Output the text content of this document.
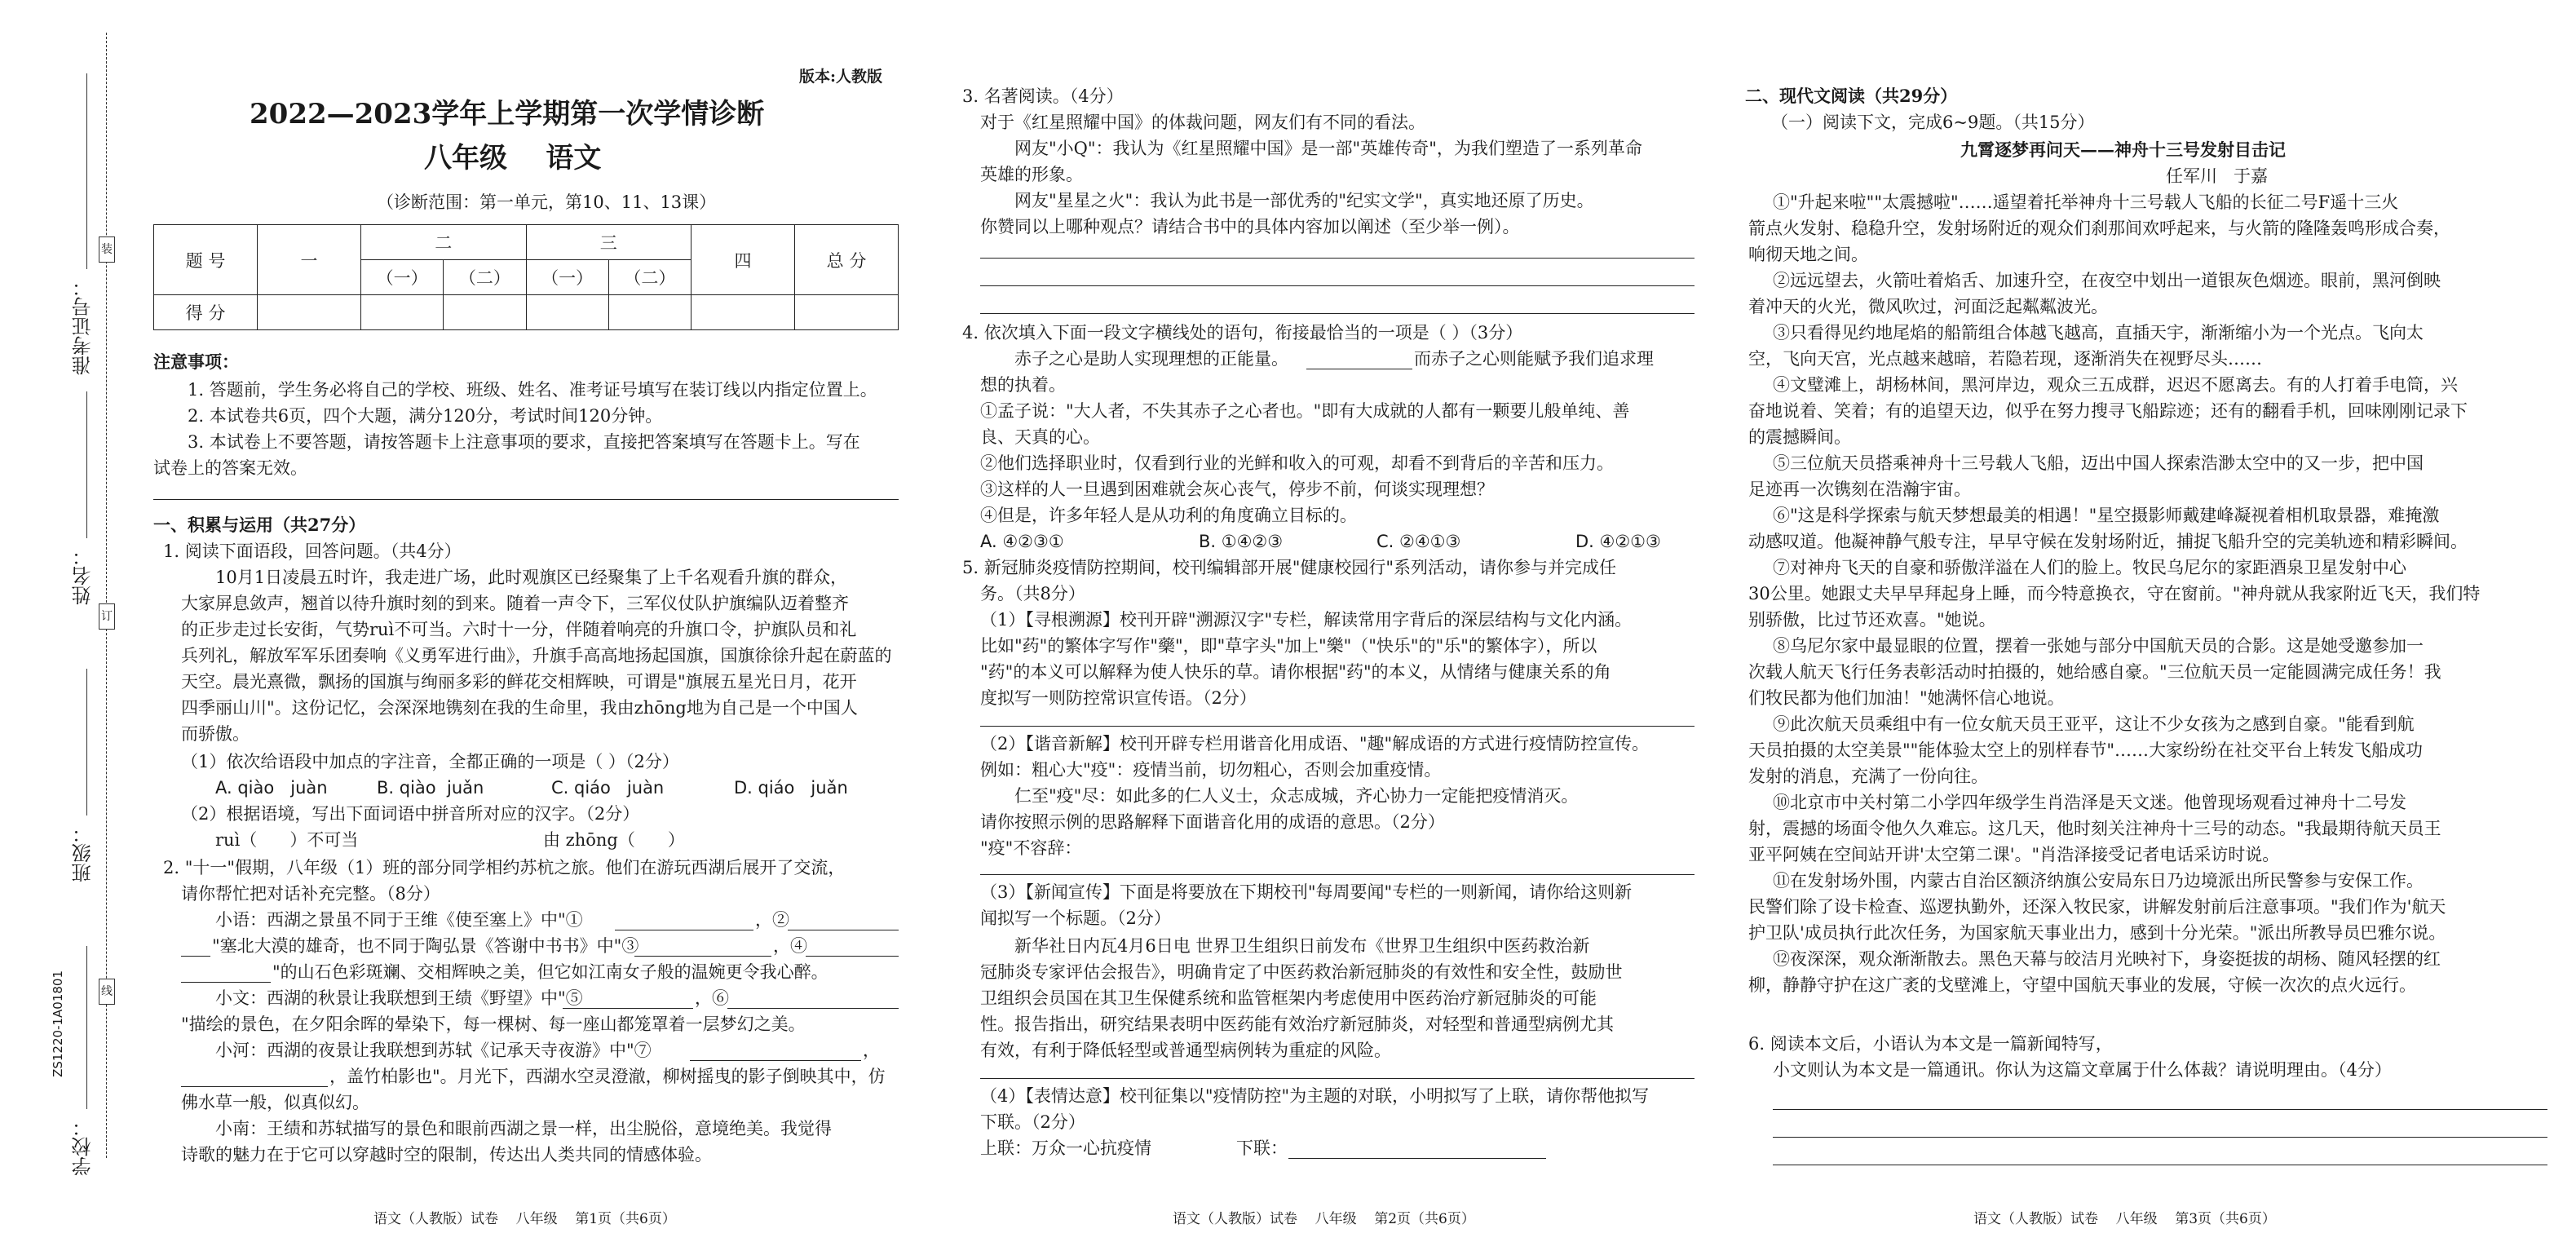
装
订
线
准考证号：
姓名：
班级：
学校：
ZS1220-1A01801
版本:人教版
2022—2023学年上学期第一次学情诊断
八年级    语文
（诊断范围：第一单元，第10、11、13课）
题 号	一	二		三		四	总 分
		（一）	（二）	（一）	（二）		
得 分							
注意事项：
1. 答题前，学生务必将自己的学校、班级、姓名、准考证号填写在装订线以内指定位置上。
2. 本试卷共6页，四个大题，满分120分，考试时间120分钟。
3. 本试卷上不要答题，请按答题卡上注意事项的要求，直接把答案填写在答题卡上。写在
试卷上的答案无效。
一、积累与运用（共27分）
1. 阅读下面语段，回答问题。（共4分）
10月1日凌晨五时许，我走进广场，此时观旗区已经聚集了上千名观看升旗的群众，
大家屏息敛声，翘首以待升旗时刻的到来。随着一声令下，三军仪仗队护旗编队迈着整齐
的正步走过长安街，气势ruì不可当。六时十一分，伴随着响亮的升旗口令，护旗队员和礼
兵列礼，解放军军乐团奏响《义勇军进行曲》，升旗手高高地扬起国旗，国旗徐徐升起在蔚蓝的
天空。晨光熹微，飘扬的国旗与绚丽多彩的鲜花交相辉映，可谓是"旗展五星光日月，花开
四季丽山川"。这份记忆，会深深地镌刻在我的生命里，我由zhōng地为自己是一个中国人
而骄傲。
（1）依次给语段中加点的字注音，全都正确的一项是（ ）（2分）
A. qiào   juàn	B. qiào  juǎn	C. qiáo   juàn	D. qiáo   juǎn
（2）根据语境，写出下面词语中拼音所对应的汉字。（2分）
ruì（      ）不可当	由 zhōng（      ）
2. "十一"假期，八年级（1）班的部分同学相约苏杭之旅。他们在游玩西湖后展开了交流，
请你帮忙把对话补充完整。（8分）
小语：西湖之景虽不同于王维《使至塞上》中"①	，②
"塞北大漠的雄奇，也不同于陶弘景《答谢中书书》中"③	，④
"的山石色彩斑斓、交相辉映之美，但它如江南女子般的温婉更令我心醉。
小文：西湖的秋景让我联想到王绩《野望》中"⑤	，⑥
"描绘的景色，在夕阳余晖的晕染下，每一棵树、每一座山都笼罩着一层梦幻之美。
小河：西湖的夜景让我联想到苏轼《记承天寺夜游》中"⑦	，
，盖竹柏影也"。月光下，西湖水空灵澄澈，柳树摇曳的影子倒映其中，仿
佛水草一般，似真似幻。
小南：王绩和苏轼描写的景色和眼前西湖之景一样，出尘脱俗，意境绝美。我觉得
诗歌的魅力在于它可以穿越时空的限制，传达出人类共同的情感体验。
语文（人教版）试卷    八年级    第1页（共6页）
3. 名著阅读。（4分）
对于《红星照耀中国》的体裁问题，网友们有不同的看法。
网友"小Q"：我认为《红星照耀中国》是一部"英雄传奇"，为我们塑造了一系列革命
英雄的形象。
网友"星星之火"：我认为此书是一部优秀的"纪实文学"，真实地还原了历史。
你赞同以上哪种观点？请结合书中的具体内容加以阐述（至少举一例）。
4. 依次填入下面一段文字横线处的语句，衔接最恰当的一项是（ ）（3分）
赤子之心是助人实现理想的正能量。	而赤子之心则能赋予我们追求理
想的执着。
①孟子说："大人者，不失其赤子之心者也。"即有大成就的人都有一颗要儿般单纯、善
良、天真的心。
②他们选择职业时，仅看到行业的光鲜和收入的可观，却看不到背后的辛苦和压力。
③这样的人一旦遇到困难就会灰心丧气，停步不前，何谈实现理想？
④但是，许多年轻人是从功利的角度确立目标的。
A. ④②③①	B. ①④②③	C. ②④①③	D. ④②①③
5. 新冠肺炎疫情防控期间，校刊编辑部开展"健康校园行"系列活动，请你参与并完成任
务。（共8分）
（1）【寻根溯源】校刊开辟"溯源汉字"专栏，解读常用字背后的深层结构与文化内涵。
比如"药"的繁体字写作"藥"，即"草字头"加上"樂"（"快乐"的"乐"的繁体字），所以
"药"的本义可以解释为使人快乐的草。请你根据"药"的本义，从情绪与健康关系的角
度拟写一则防控常识宣传语。（2分）
（2）【谐音新解】校刊开辟专栏用谐音化用成语、"趣"解成语的方式进行疫情防控宣传。
例如：粗心大"疫"：疫情当前，切勿粗心，否则会加重疫情。
仁至"疫"尽：如此多的仁人义士，众志成城，齐心协力一定能把疫情消灭。
请你按照示例的思路解释下面谐音化用的成语的意思。（2分）
"疫"不容辞：
（3）【新闻宣传】下面是将要放在下期校刊"每周要闻"专栏的一则新闻，请你给这则新
闻拟写一个标题。（2分）
新华社日内瓦4月6日电 世界卫生组织日前发布《世界卫生组织中医药救治新
冠肺炎专家评估会报告》，明确肯定了中医药救治新冠肺炎的有效性和安全性，鼓励世
卫组织会员国在其卫生保健系统和监管框架内考虑使用中医药治疗新冠肺炎的可能
性。报告指出，研究结果表明中医药能有效治疗新冠肺炎，对轻型和普通型病例尤其
有效，有利于降低轻型或普通型病例转为重症的风险。
（4）【表情达意】校刊征集以"疫情防控"为主题的对联，小明拟写了上联，请你帮他拟写
下联。（2分）
上联：万众一心抗疫情	下联：
语文（人教版）试卷    八年级    第2页（共6页）
二、现代文阅读（共29分）
（一）阅读下文，完成6~9题。（共15分）
九霄逐梦再问天——神舟十三号发射目击记
任军川   于嘉
①"升起来啦""太震撼啦"……遥望着托举神舟十三号载人飞船的长征二号F遥十三火
箭点火发射、稳稳升空，发射场附近的观众们刹那间欢呼起来，与火箭的隆隆轰鸣形成合奏，
响彻天地之间。
②远远望去，火箭吐着焰舌、加速升空，在夜空中划出一道银灰色烟迹。眼前，黑河倒映
着冲天的火光，微风吹过，河面泛起粼粼波光。
③只看得见约地尾焰的船箭组合体越飞越高，直插天宇，渐渐缩小为一个光点。飞向太
空，飞向天宫，光点越来越暗，若隐若现，逐渐消失在视野尽头……
④文璧滩上，胡杨林间，黑河岸边，观众三五成群，迟迟不愿离去。有的人打着手电筒，兴
奋地说着、笑着；有的追望天边，似乎在努力搜寻飞船踪迹；还有的翻看手机，回味刚刚记录下
的震撼瞬间。
⑤三位航天员搭乘神舟十三号载人飞船，迈出中国人探索浩渺太空中的又一步，把中国
足迹再一次镌刻在浩瀚宇宙。
⑥"这是科学探索与航天梦想最美的相遇！"星空摄影师戴建峰凝视着相机取景器，难掩激
动感叹道。他凝神静气般专注，早早守候在发射场附近，捕捉飞船升空的完美轨迹和精彩瞬间。
⑦对神舟飞天的自豪和骄傲洋溢在人们的脸上。牧民乌尼尔的家距酒泉卫星发射中心
30公里。她跟丈夫早早拜起身上睡，而今特意换衣，守在窗前。"神舟就从我家附近飞天，我们特
别骄傲，比过节还欢喜。"她说。
⑧乌尼尔家中最显眼的位置，摆着一张她与部分中国航天员的合影。这是她受邀参加一
次载人航天飞行任务表彰活动时拍摄的，她给感自豪。"三位航天员一定能圆满完成任务！我
们牧民都为他们加油！"她满怀信心地说。
⑨此次航天员乘组中有一位女航天员王亚平，这让不少女孩为之感到自豪。"能看到航
天员拍摄的太空美景""能体验太空上的别样春节"……大家纷纷在社交平台上转发飞船成功
发射的消息，充满了一份向往。
⑩北京市中关村第二小学四年级学生肖浩泽是天文迷。他曾现场观看过神舟十二号发
射，震撼的场面令他久久难忘。这几天，他时刻关注神舟十三号的动态。"我最期待航天员王
亚平阿姨在空间站开讲'太空第二课'。"肖浩泽接受记者电话采访时说。
⑪在发射场外围，内蒙古自治区额济纳旗公安局东日乃边境派出所民警参与安保工作。
民警们除了设卡检查、巡逻执勤外，还深入牧民家，讲解发射前后注意事项。"我们作为'航天
护卫队'成员执行此次任务，为国家航天事业出力，感到十分光荣。"派出所教导员巴雅尔说。
⑫夜深深，观众渐渐散去。黑色天幕与皎洁月光映衬下，身姿挺拔的胡杨、随风轻摆的红
柳，静静守护在这广袤的戈壁滩上，守望中国航天事业的发展，守候一次次的点火远行。
6. 阅读本文后，小语认为本文是一篇新闻特写，
小文则认为本文是一篇通讯。你认为这篇文章属于什么体裁？请说明理由。（4分）
语文（人教版）试卷    八年级    第3页（共6页）
